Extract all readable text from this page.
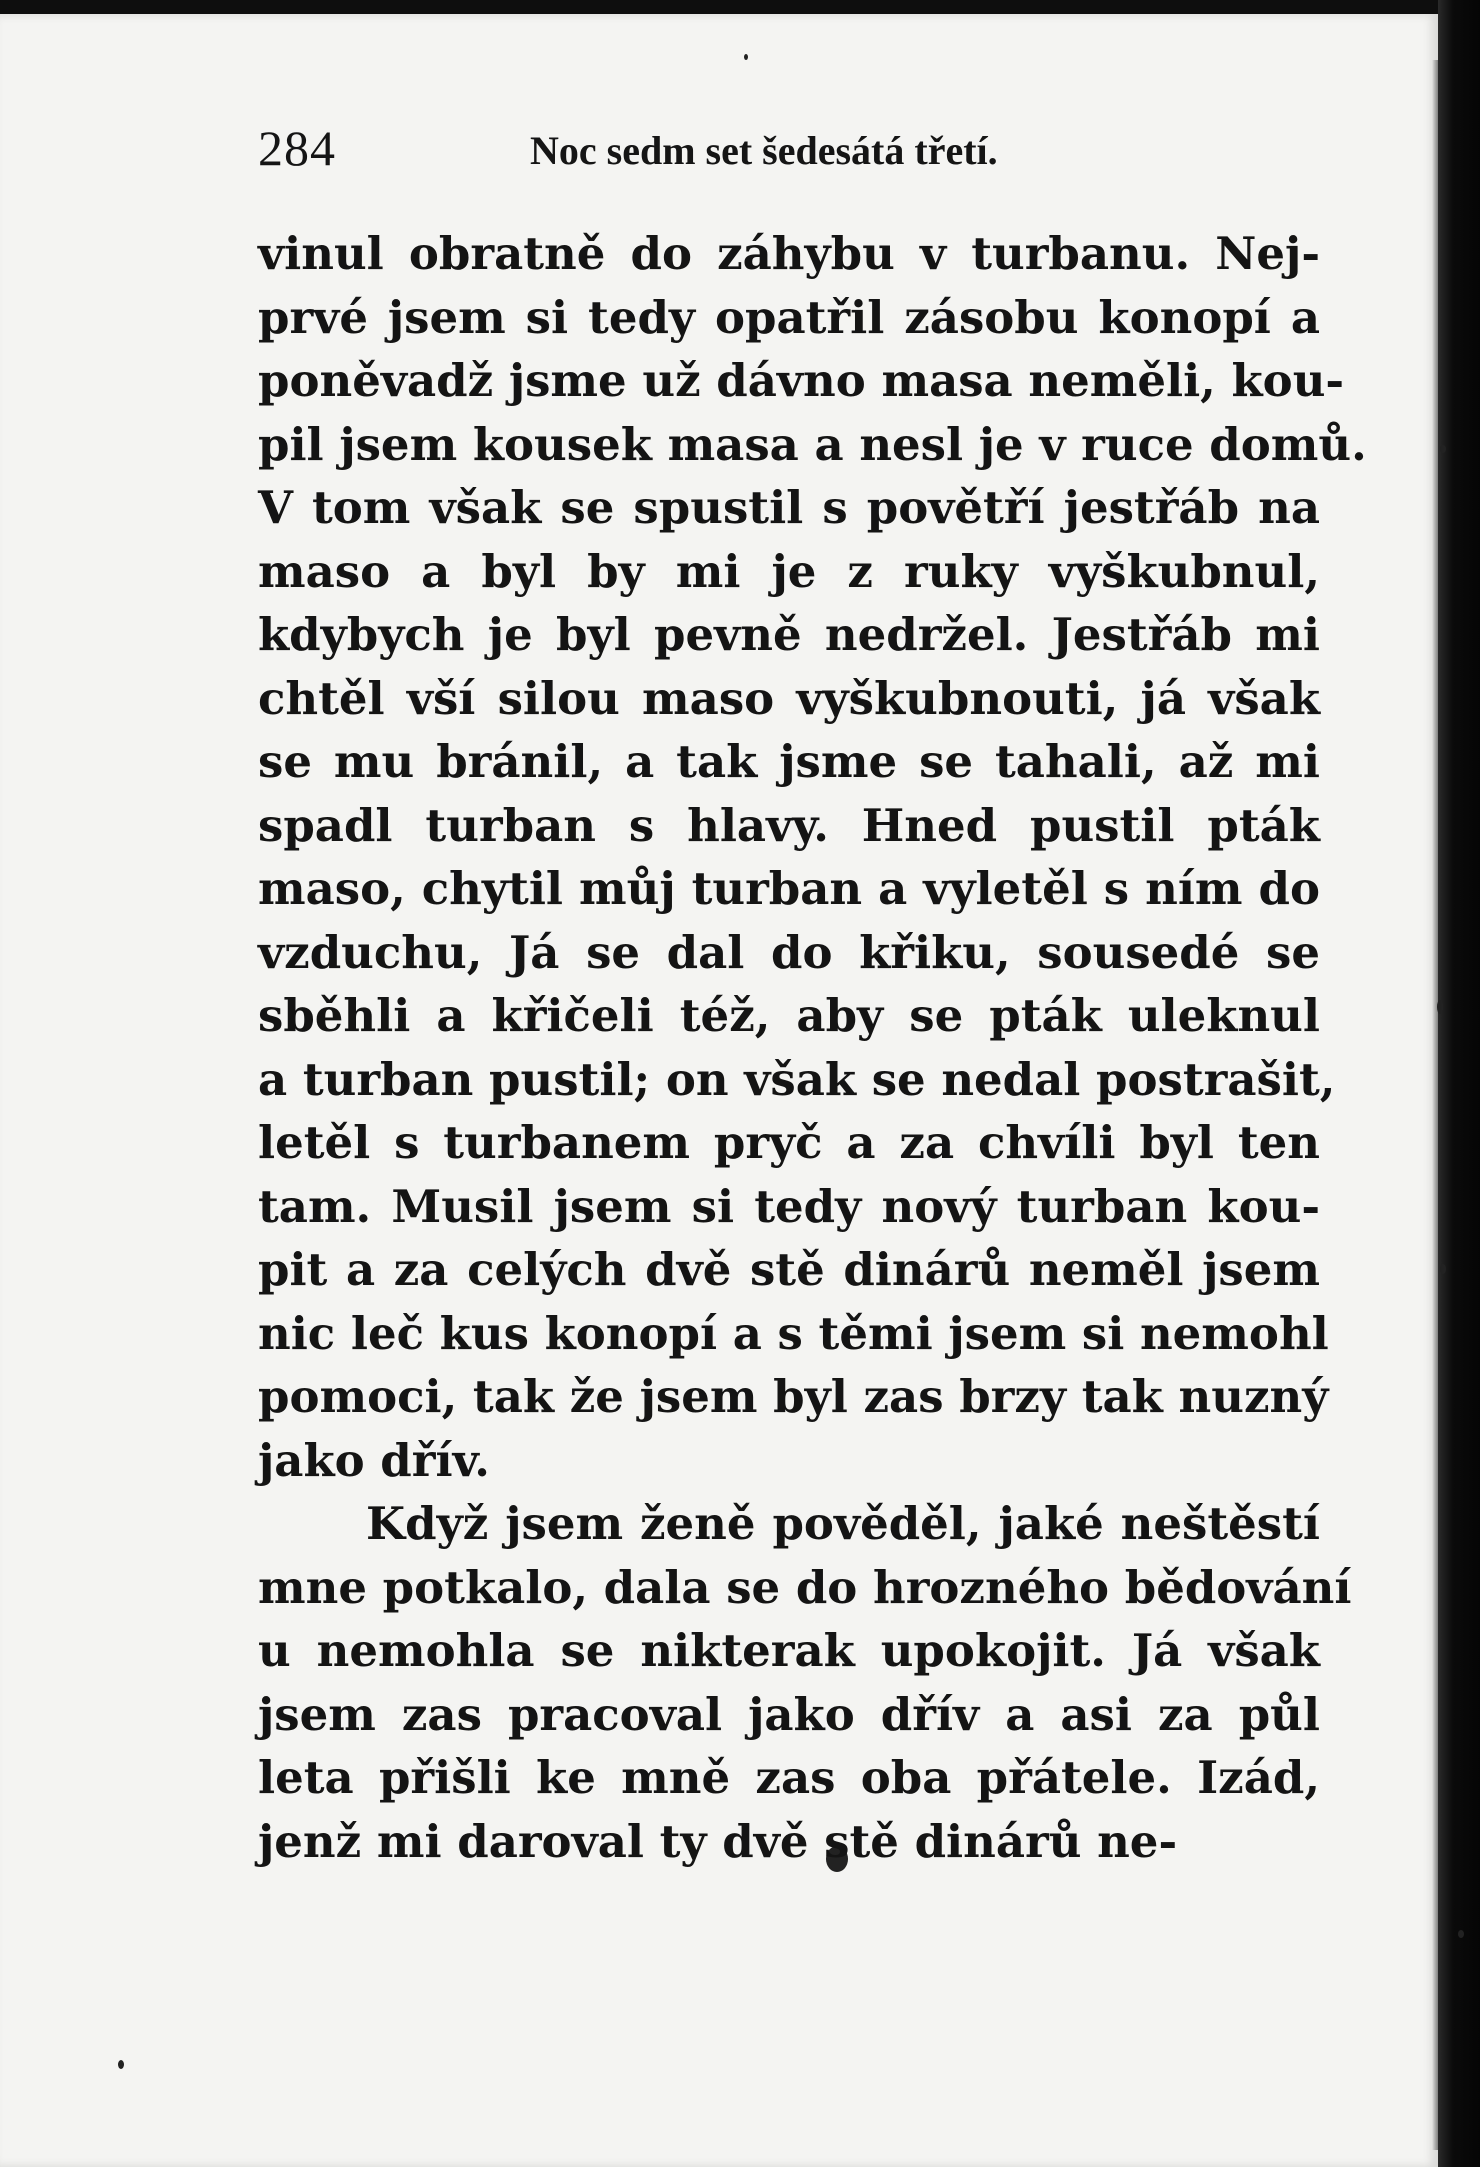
284	Noc sedm set šedesátá třetí.
vinul obratně do záhybu v turbanu. Nej-
prvé jsem si tedy opatřil zásobu konopí a
poněvadž jsme už dávno masa neměli, kou-
pil jsem kousek masa a nesl je v ruce domů.
V tom však se spustil s povětří jestřáb na
maso a byl by mi je z ruky vyškubnul,
kdybych je byl pevně nedržel. Jestřáb mi
chtěl vší silou maso vyškubnouti, já však
se mu bránil, a tak jsme se tahali, až mi
spadl turban s hlavy. Hned pustil pták
maso, chytil můj turban a vyletěl s ním do
vzduchu, Já se dal do křiku, sousedé se
sběhli a křičeli též, aby se pták uleknul
a turban pustil; on však se nedal postrašit,
letěl s turbanem pryč a za chvíli byl ten
tam. Musil jsem si tedy nový turban kou-
pit a za celých dvě stě dinárů neměl jsem
nic leč kus konopí a s těmi jsem si nemohl
pomoci, tak že jsem byl zas brzy tak nuzný
jako dřív.
Když jsem ženě pověděl, jaké neštěstí
mne potkalo, dala se do hrozného bědování
u nemohla se nikterak upokojit. Já však
jsem zas pracoval jako dřív a asi za půl
leta přišli ke mně zas oba přátele. Izád,
jenž mi daroval ty dvě stě dinárů ne-
